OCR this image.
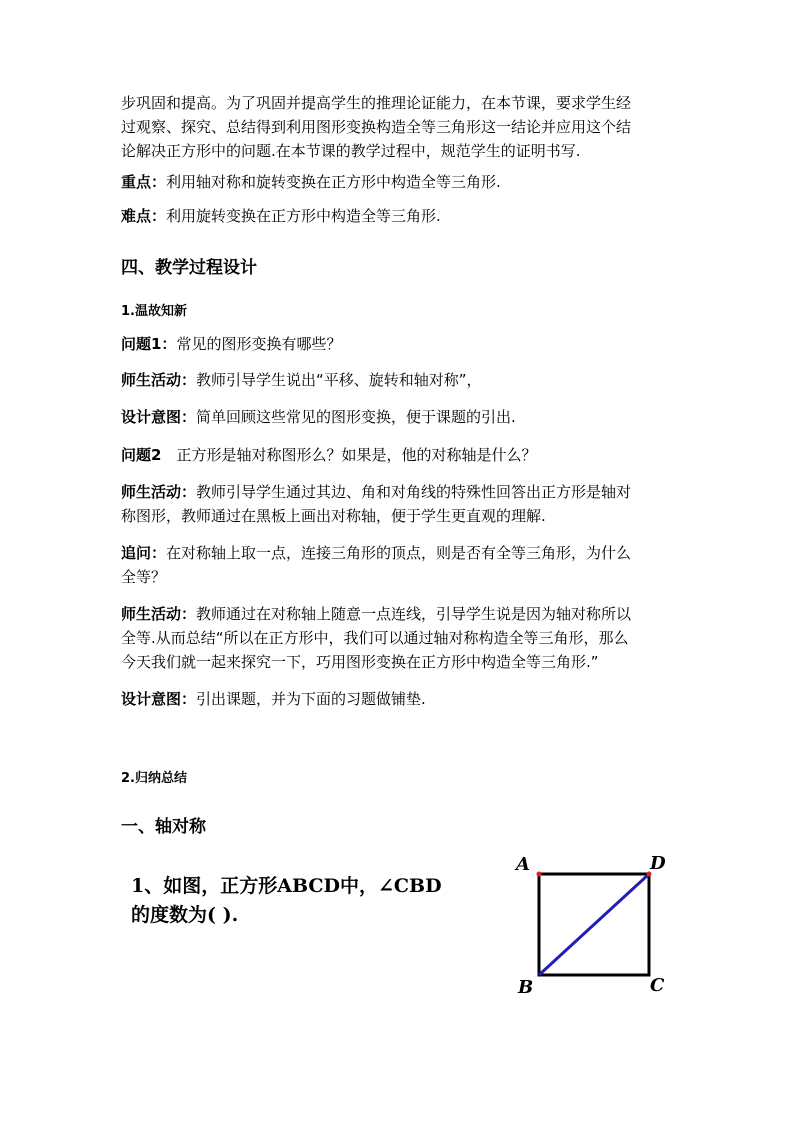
步巩固和提高。为了巩固并提高学生的推理论证能力，在本节课，要求学生经
过观察、探究、总结得到利用图形变换构造全等三角形这一结论并应用这个结
论解决正方形中的问题.在本节课的教学过程中，规范学生的证明书写.
重点：利用轴对称和旋转变换在正方形中构造全等三角形.
难点：利用旋转变换在正方形中构造全等三角形.
四、教学过程设计
1.温故知新
问题1：常见的图形变换有哪些？
师生活动：教师引导学生说出“平移、旋转和轴对称”，
设计意图：简单回顾这些常见的图形变换，便于课题的引出.
问题2 正方形是轴对称图形么？如果是，他的对称轴是什么？
师生活动：教师引导学生通过其边、角和对角线的特殊性回答出正方形是轴对
称图形，教师通过在黑板上画出对称轴，便于学生更直观的理解.
追问：在对称轴上取一点，连接三角形的顶点，则是否有全等三角形，为什么
全等？
师生活动：教师通过在对称轴上随意一点连线，引导学生说是因为轴对称所以
全等.从而总结“所以在正方形中，我们可以通过轴对称构造全等三角形，那么
今天我们就一起来探究一下，巧用图形变换在正方形中构造全等三角形.”
设计意图：引出课题，并为下面的习题做铺垫.
2.归纳总结
一、轴对称
1、如图，正方形ABCD中，∠CBD
的度数为( ).
A	D
B	C
